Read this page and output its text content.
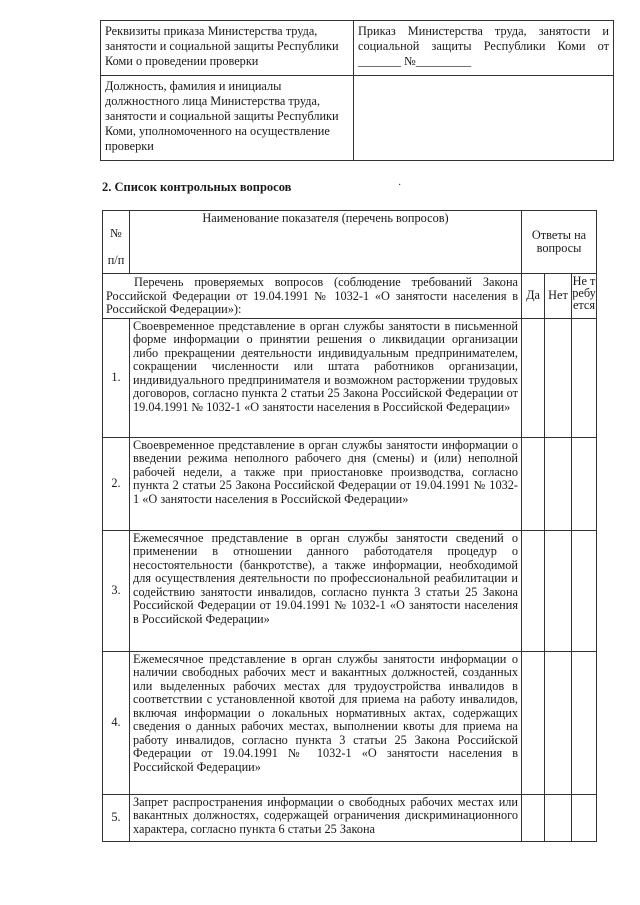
Реквизиты приказа Министерства труда, занятости и социальной защиты Республики Коми о проведении проверки	Приказ Министерства труда, занятости и социальной защиты Республики Коми от _______ №_________
Должность, фамилия и инициалы должностного лица Министерства труда, занятости и социальной защиты Республики Коми, уполномоченного на осуществление проверки	
2. Список контрольных вопросов	·
№
п/п	Наименование показателя (перечень вопросов)	Ответы на вопросы		
Перечень проверяемых вопросов (соблюдение требований Закона Российской Федерации от 19.04.1991 № 1032-1 «О занятости населения в Российской Федерации»):		Да	Нет	Не требуется
1.	Своевременное представление в орган службы занятости в письменной форме информации о принятии решения о ликвидации организации либо прекращении деятельности индивидуальным предпринимателем, сокращении численности или штата работников организации, индивидуального предпринимателя и возможном расторжении трудовых договоров, согласно пункта 2 статьи 25 Закона Российской Федерации от 19.04.1991 № 1032-1 «О занятости населения в Российской Федерации»			
2.	Своевременное представление в орган службы занятости информации о введении режима неполного рабочего дня (смены) и (или) неполной рабочей недели, а также при приостановке производства, согласно пункта 2 статьи 25 Закона Российской Федерации от 19.04.1991 № 1032-1 «О занятости населения в Российской Федерации»			
3.	Ежемесячное представление в орган службы занятости сведений о применении в отношении данного работодателя процедур о несостоятельности (банкротстве), а также информации, необходимой для осуществления деятельности по профессиональной реабилитации и содействию занятости инвалидов, согласно пункта 3 статьи 25 Закона Российской Федерации от 19.04.1991 № 1032-1 «О занятости населения в Российской Федерации»			
4.	Ежемесячное представление в орган службы занятости информации о наличии свободных рабочих мест и вакантных должностей, созданных или выделенных рабочих местах для трудоустройства инвалидов в соответствии с установленной квотой для приема на работу инвалидов, включая информации о локальных нормативных актах, содержащих сведения о данных рабочих местах, выполнении квоты для приема на работу инвалидов, согласно пункта 3 статьи 25 Закона Российской Федерации от 19.04.1991 № 1032-1 «О занятости населения в Российской Федерации»			
5.	Запрет распространения информации о свободных рабочих местах или вакантных должностях, содержащей ограничения дискриминационного характера, согласно пункта 6 статьи 25 Закона			
